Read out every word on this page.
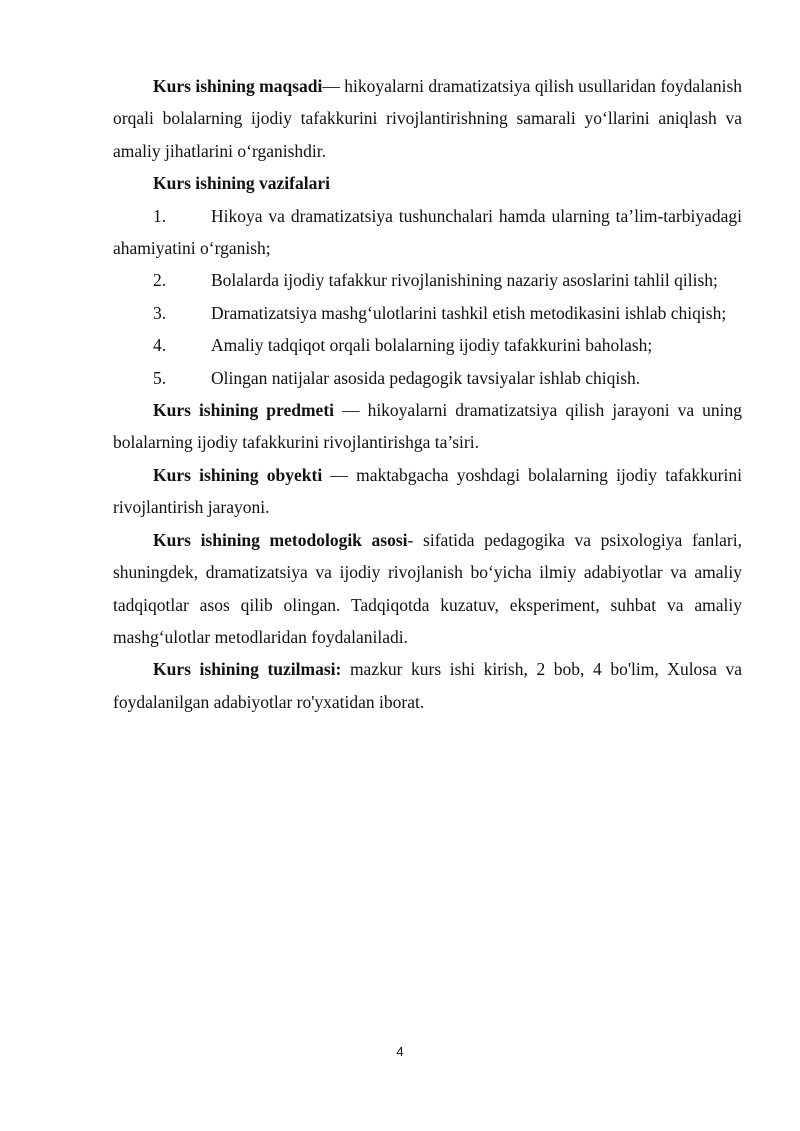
Kurs ishining maqsadi— hikoyalarni dramatizatsiya qilish usullaridan foydalanish orqali bolalarning ijodiy tafakkurini rivojlantirishning samarali yo‘llarini aniqlash va amaliy jihatlarini o‘rganishdir.

Kurs ishining vazifalari

1.	Hikoya va dramatizatsiya tushunchalari hamda ularning ta’lim-tarbiyadagi ahamiyatini o‘rganish;

2.	Bolalarda ijodiy tafakkur rivojlanishining nazariy asoslarini tahlil qilish;

3.	Dramatizatsiya mashg‘ulotlarini tashkil etish metodikasini ishlab chiqish;

4.	Amaliy tadqiqot orqali bolalarning ijodiy tafakkurini baholash;

5.	Olingan natijalar asosida pedagogik tavsiyalar ishlab chiqish.

Kurs ishining predmeti — hikoyalarni dramatizatsiya qilish jarayoni va uning bolalarning ijodiy tafakkurini rivojlantirishga ta’siri.

Kurs ishining obyekti — maktabgacha yoshdagi bolalarning ijodiy tafakkurini rivojlantirish jarayoni.

Kurs ishining metodologik asosi- sifatida pedagogika va psixologiya fanlari, shuningdek, dramatizatsiya va ijodiy rivojlanish bo‘yicha ilmiy adabiyotlar va amaliy tadqiqotlar asos qilib olingan. Tadqiqotda kuzatuv, eksperiment, suhbat va amaliy mashg‘ulotlar metodlaridan foydalaniladi.

Kurs ishining tuzilmasi: mazkur kurs ishi kirish, 2 bob, 4 bo'lim, Xulosa va foydalanilgan adabiyotlar ro'yxatidan iborat.

4
